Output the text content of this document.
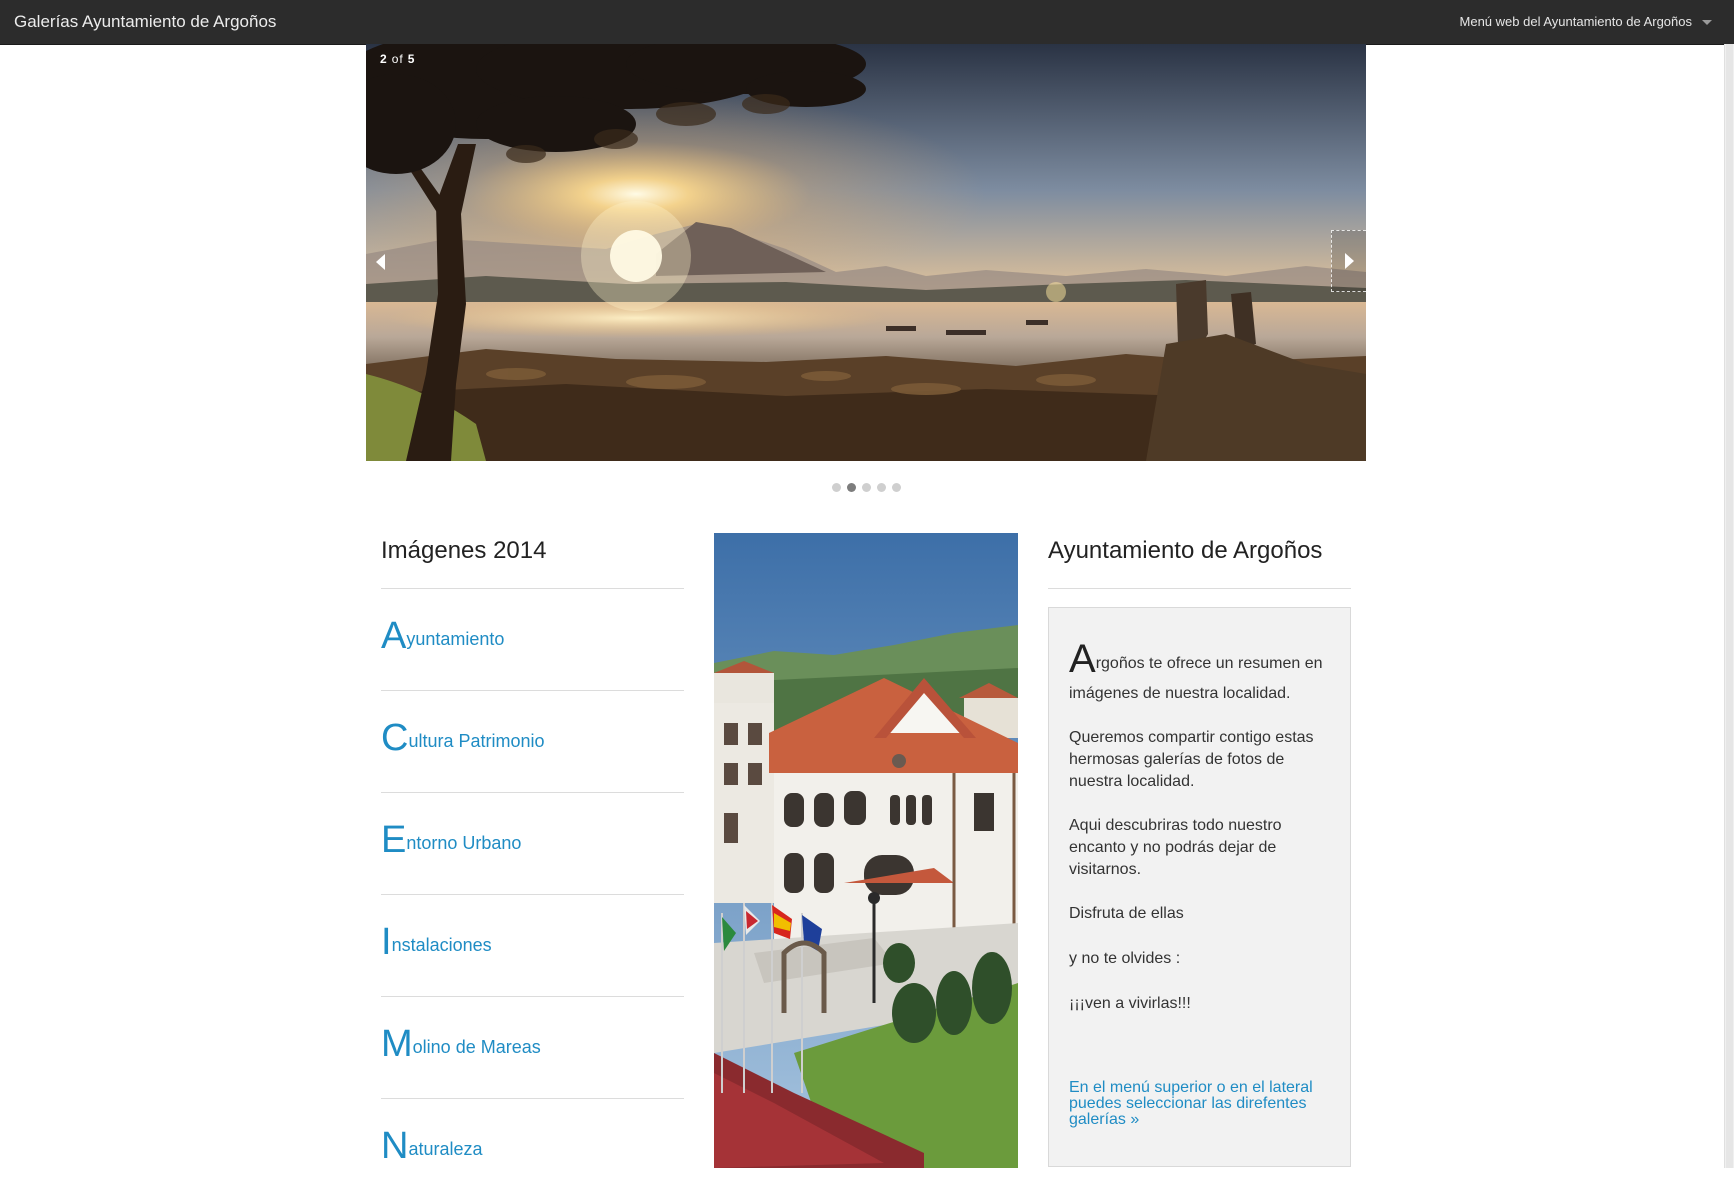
Galerías Ayuntamiento de Argoños	Menú web del Ayuntamiento de Argoños
2 of 5
Imágenes 2014
Ayuntamiento
Cultura Patrimonio
Entorno Urbano
Instalaciones
Molino de Mareas
Naturaleza
Ayuntamiento de Argoños

Argoños te ofrece un resumen en imágenes de nuestra localidad.

Queremos compartir contigo estas hermosas galerías de fotos de nuestra localidad.

Aqui descubriras todo nuestro encanto y no podrás dejar de visitarnos.

Disfruta de ellas

y no te olvides :

¡¡¡ven a vivirlas!!!

En el menú superior o en el lateral puedes seleccionar las direfentes galerías »
